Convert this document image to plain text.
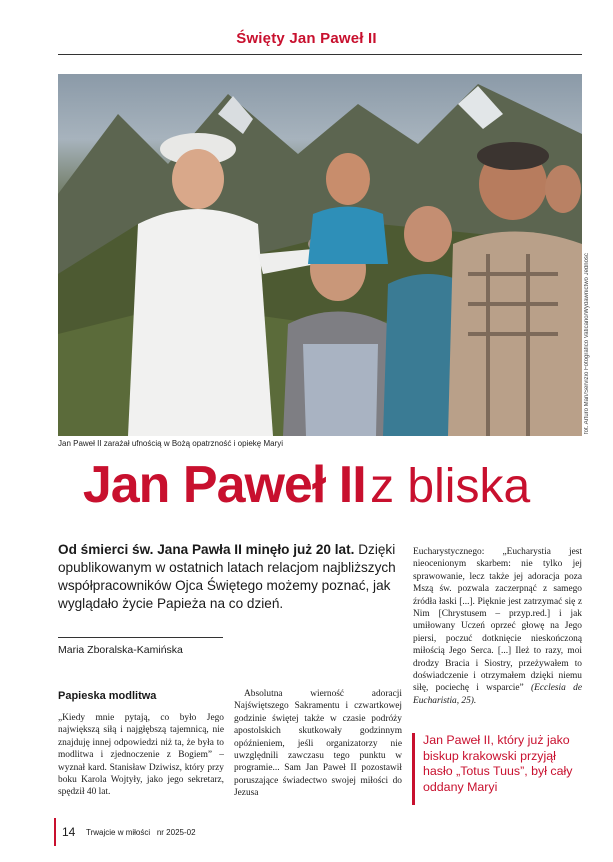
Święty Jan Paweł II
fot. Arturo Mari/Servizio Fotografico Vaticano/Wydawnictwo Jedność
Jan Paweł II zarażał ufnością w Bożą opatrzność i opiekę Maryi
Jan Paweł II z bliska
Od śmierci św. Jana Pawła II minęło już 20 lat. Dzięki opublikowanym w ostatnich latach relacjom najbliższych współpracowników Ojca Świętego możemy poznać, jak wyglądało życie Papieża na co dzień.
Maria Zboralska-Kamińska
Papieska modlitwa
„Kiedy mnie pytają, co było Jego największą siłą i najgłębszą tajemnicą, nie znajduję innej odpowiedzi niż ta, że była to modlitwa i zjednoczenie z Bogiem” – wyznał kard. Stanisław Dziwisz, który przy boku Karola Wojtyły, jako jego sekretarz, spędził 40 lat.
Absolutna wierność adoracji Najświętszego Sakramentu i czwartkowej godzinie świętej także w czasie podróży apostolskich skutkowały godzinnym opóźnieniem, jeśli organizatorzy nie uwzględnili zawczasu tego punktu w programie... Sam Jan Paweł II pozostawił poruszające świadectwo swojej miłości do Jezusa
Eucharystycznego: „Eucharystia jest nieocenionym skarbem: nie tylko jej sprawowanie, lecz także jej adoracja poza Mszą św. pozwala zaczerpnąć z samego źródła łaski [...]. Pięknie jest zatrzymać się z Nim [Chrystusem – przyp.red.] i jak umiłowany Uczeń oprzeć głowę na Jego piersi, poczuć dotknięcie nieskończoną miłością Jego Serca. [...] Ileż to razy, moi drodzy Bracia i Siostry, przeżywałem to doświadczenie i otrzymałem dzięki niemu siłę, pociechę i wsparcie” (Ecclesia de Eucharistia, 25).
Jan Paweł II, który już jako biskup krakowski przyjął hasło „Totus Tuus”, był cały oddany Maryi
14 Trwajcie w miłości nr 2025-02
